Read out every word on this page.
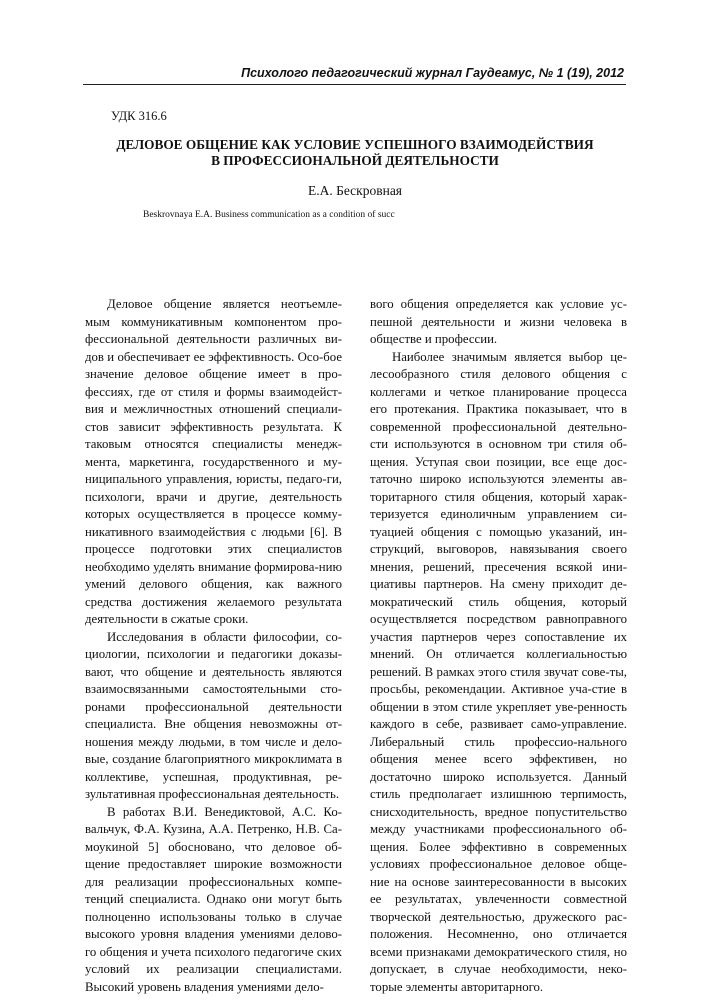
Психолого педагогический журнал Гаудеамус, № 1 (19), 2012
УДК 316.6
ДЕЛОВОЕ ОБЩЕНИЕ КАК УСЛОВИЕ УСПЕШНОГО ВЗАИМОДЕЙСТВИЯ
В ПРОФЕССИОНАЛЬНОЙ ДЕЯТЕЛЬНОСТИ
Е.А. Бескровная
Beskrovnaya E.A. Business communication as a condition of succ

Деловое общение является неотъемле-мым коммуникативным компонентом про-фессиональной деятельности различных ви-дов и обеспечивает ее эффективность. Осо-бое значение деловое общение имеет в про-фессиях, где от стиля и формы взаимодейст-вия и межличностных отношений специали-стов зависит эффективность результата. К таковым относятся специалисты менедж-мента, маркетинга, государственного и му-ниципального управления, юристы, педаго-ги, психологи, врачи и другие, деятельность которых осуществляется в процессе комму-никативного взаимодействия с людьми [6]. В процессе подготовки этих специалистов необходимо уделять внимание формирова-нию умений делового общения, как важного средства достижения желаемого результата деятельности в сжатые сроки.

Исследования в области философии, со-циологии, психологии и педагогики доказы-вают, что общение и деятельность являются взаимосвязанными самостоятельными сто-ронами профессиональной деятельности специалиста. Вне общения невозможны от-ношения между людьми, в том числе и дело-вые, создание благоприятного микроклимата в коллективе, успешная, продуктивная, ре-зультативная профессиональная деятельность.

В работах В.И. Венедиктовой, А.С. Ко-вальчук, Ф.А. Кузина, А.А. Петренко, Н.В. Са-моукиной 5] обосновано, что деловое об-щение предоставляет широкие возможности для реализации профессиональных компе-тенций специалиста. Однако они могут быть полноценно использованы только в случае высокого уровня владения умениями делово-го общения и учета психолого педагогиче ских условий их реализации специалистами. Высокий уровень владения умениями дело-

вого общения определяется как условие ус-пешной деятельности и жизни человека в обществе и профессии.

Наиболее значимым является выбор це-лесообразного стиля делового общения с коллегами и четкое планирование процесса его протекания. Практика показывает, что в современной профессиональной деятельно-сти используются в основном три стиля об-щения. Уступая свои позиции, все еще дос-таточно широко используются элементы ав-торитарного стиля общения, который харак-теризуется единоличным управлением си-туацией общения с помощью указаний, ин-струкций, выговоров, навязывания своего мнения, решений, пресечения всякой ини-циативы партнеров. На смену приходит де-мократический стиль общения, который осуществляется посредством равноправного участия партнеров через сопоставление их мнений. Он отличается коллегиальностью решений. В рамках этого стиля звучат сове-ты, просьбы, рекомендации. Активное уча-стие в общении в этом стиле укрепляет уве-ренность каждого в себе, развивает само-управление. Либеральный стиль профессио-нального общения менее всего эффективен, но достаточно широко используется. Данный стиль предполагает излишнюю терпимость, снисходительность, вредное попустительство между участниками профессионального об-щения. Более эффективно в современных условиях профессиональное деловое обще-ние на основе заинтересованности в высоких ее результатах, увлеченности совместной творческой деятельностью, дружеского рас-положения. Несомненно, оно отличается всеми признаками демократического стиля, но допускает, в случае необходимости, неко-торые элементы авторитарного.
